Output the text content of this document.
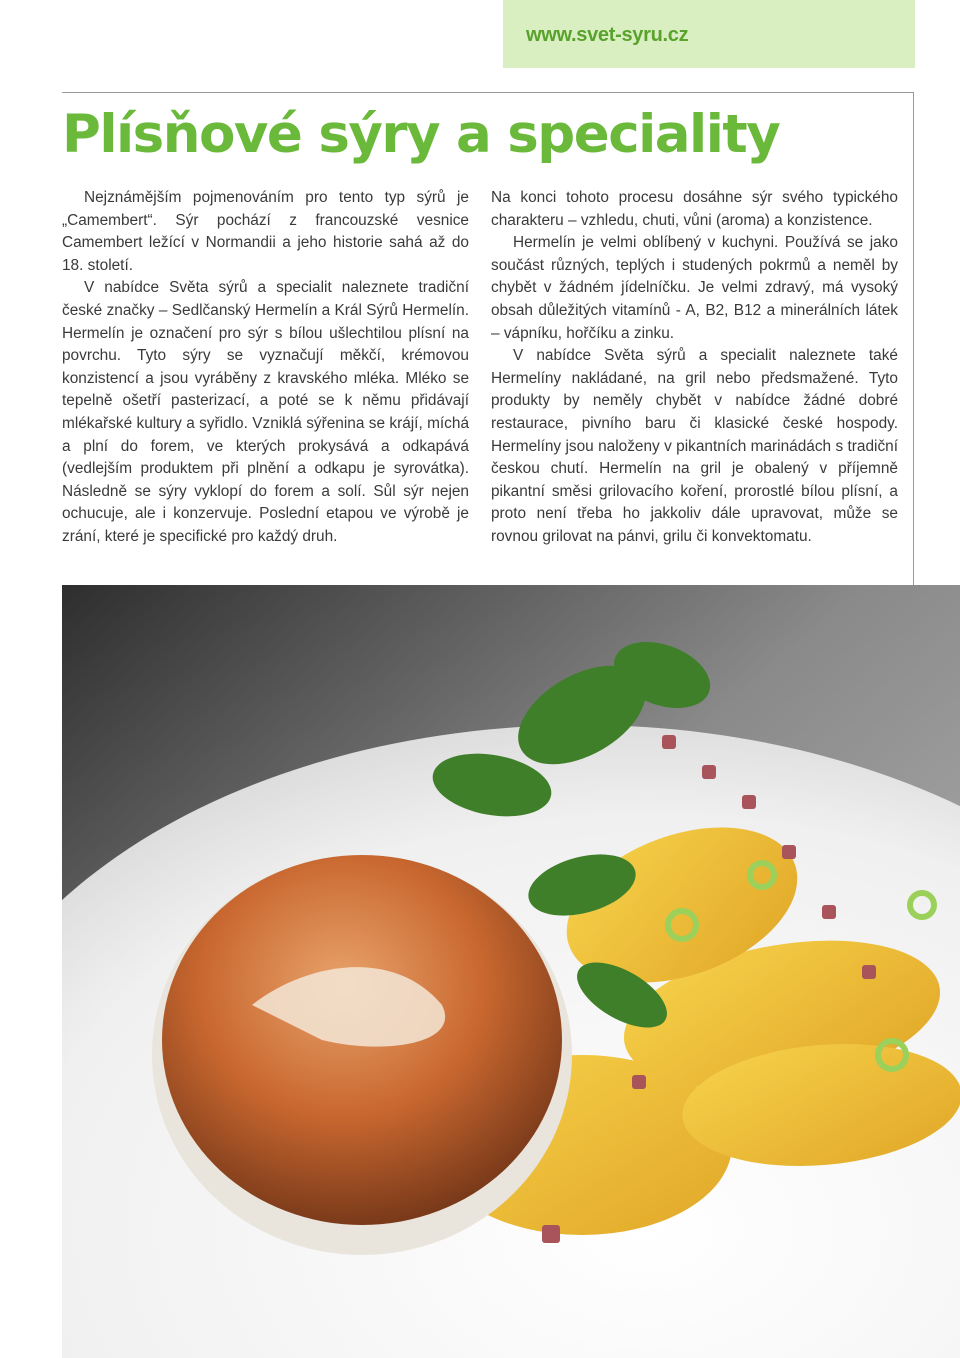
www.svet-syru.cz
Plísňové sýry a speciality

Nejznámějším pojmenováním pro tento typ sýrů je „Camembert“. Sýr pochází z francouzské vesnice Camembert ležící v Normandii a jeho historie sahá až do 18. století.

V nabídce Světa sýrů a specialit naleznete tradiční české značky – Sedlčanský Hermelín a Král Sýrů Hermelín. Hermelín je označení pro sýr s bílou ušlechtilou plísní na povrchu. Tyto sýry se vyznačují měkčí, krémovou konzistencí a jsou vyráběny z kravského mléka. Mléko se tepelně ošetří pasterizací, a poté se k němu přidávají mlékařské kultury a syřidlo. Vzniklá sýřenina se krájí, míchá a plní do forem, ve kterých prokysává a odkapává (vedlejším produktem při plnění a odkapu je syrovátka). Následně se sýry vyklopí do forem a solí. Sůl sýr nejen ochucuje, ale i konzervuje. Poslední etapou ve výrobě je zrání, které je specifické pro každý druh.

Na konci tohoto procesu dosáhne sýr svého typického charakteru – vzhledu, chuti, vůni (aroma) a konzistence.

Hermelín je velmi oblíbený v kuchyni. Používá se jako součást různých, teplých i studených pokrmů a neměl by chybět v žádném jídelníčku. Je velmi zdravý, má vysoký obsah důležitých vitamínů - A, B2, B12 a minerálních látek – vápníku, hořčíku a zinku.

V nabídce Světa sýrů a specialit naleznete také Hermelíny nakládané, na gril nebo předsmažené. Tyto produkty by neměly chybět v nabídce žádné dobré restaurace, pivního baru či klasické české hospody. Hermelíny jsou naloženy v pikantních marinádách s tradiční českou chutí. Hermelín na gril je obalený v příjemně pikantní směsi grilovacího koření, prorostlé bílou plísní, a proto není třeba ho jakkoliv dále upravovat, může se rovnou grilovat na pánvi, grilu či konvektomatu.
